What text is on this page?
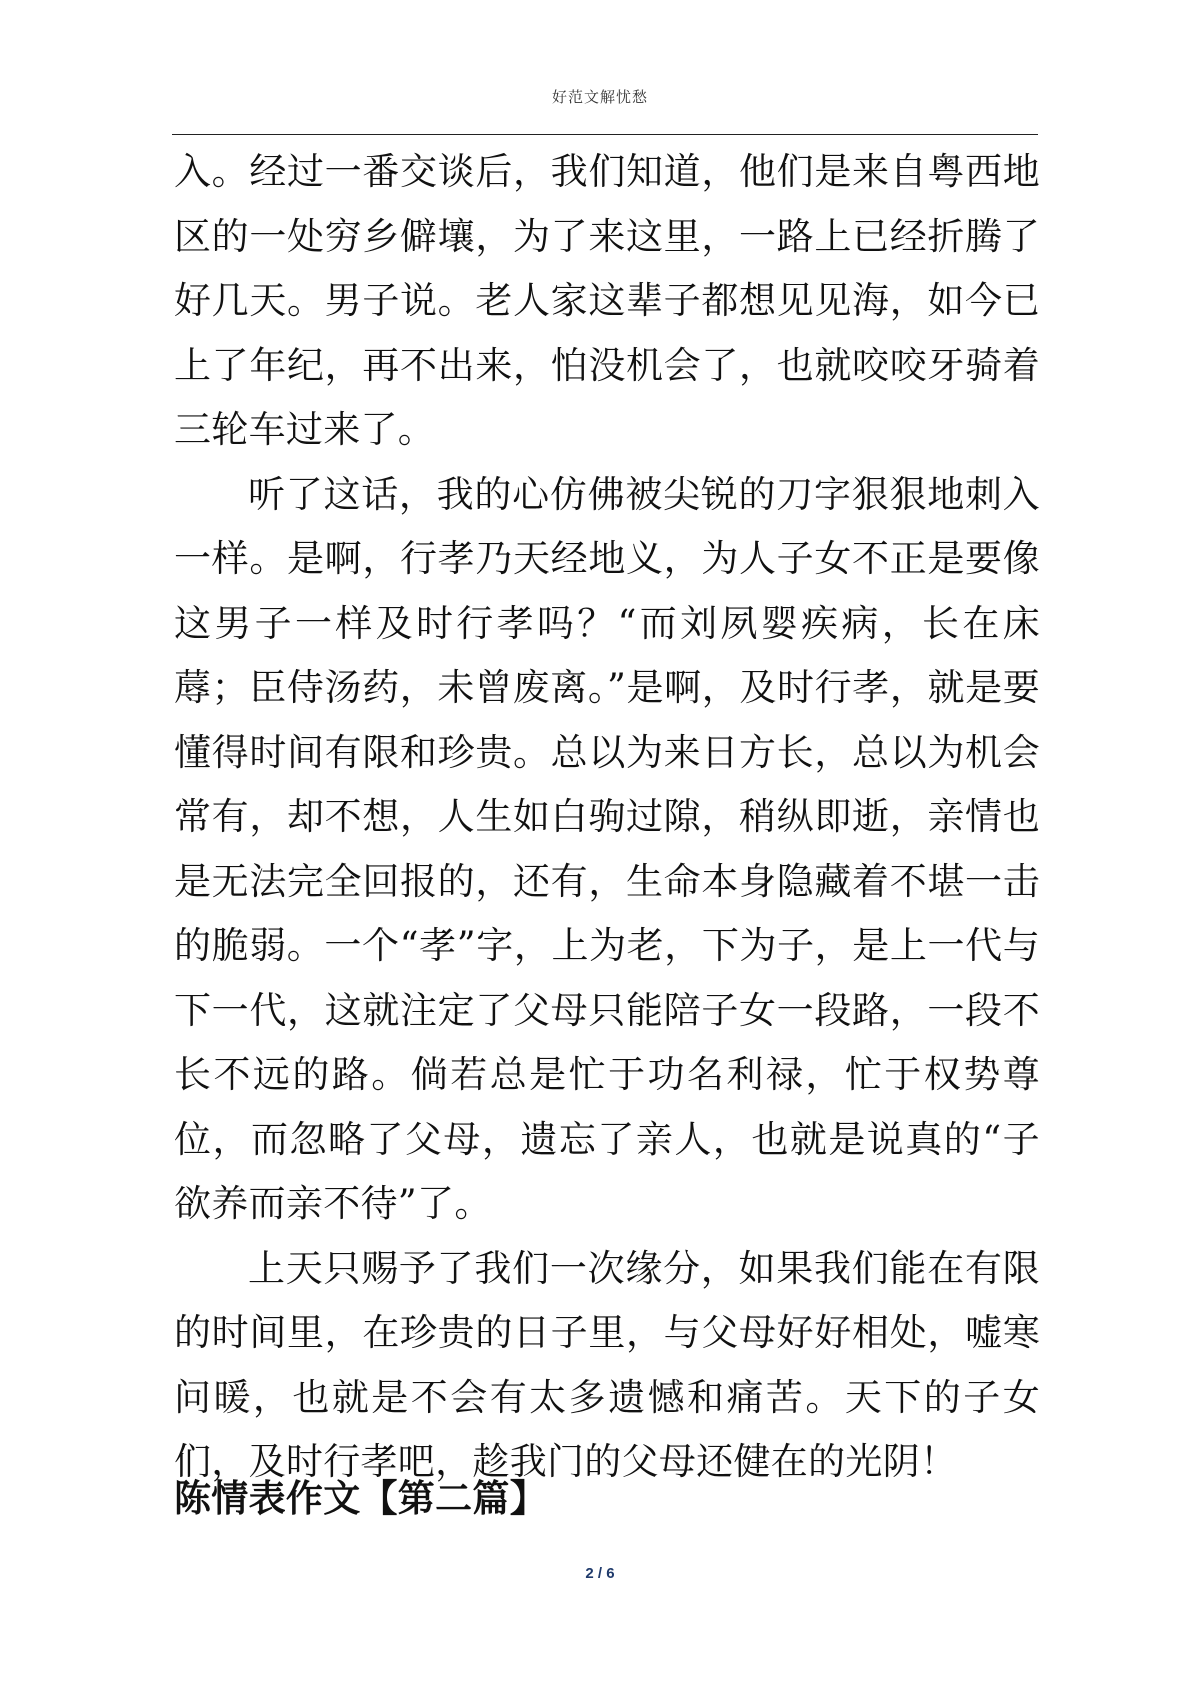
好范文解忧愁

入。经过一番交谈后，我们知道，他们是来自粤西地区的一处穷乡僻壤，为了来这里，一路上已经折腾了好几天。男子说。老人家这辈子都想见见海，如今已上了年纪，再不出来，怕没机会了，也就咬咬牙骑着三轮车过来了。

听了这话，我的心仿佛被尖锐的刀字狠狠地刺入一样。是啊，行孝乃天经地义，为人子女不正是要像这男子一样及时行孝吗？“而刘夙婴疾病，长在床蓐；臣侍汤药，未曾废离。”是啊，及时行孝，就是要懂得时间有限和珍贵。总以为来日方长，总以为机会常有，却不想，人生如白驹过隙，稍纵即逝，亲情也是无法完全回报的，还有，生命本身隐藏着不堪一击的脆弱。一个“孝”字，上为老，下为子，是上一代与下一代，这就注定了父母只能陪子女一段路，一段不长不远的路。倘若总是忙于功名利禄，忙于权势尊位，而忽略了父母，遗忘了亲人，也就是说真的“子欲养而亲不待”了。

上天只赐予了我们一次缘分，如果我们能在有限的时间里，在珍贵的日子里，与父母好好相处，嘘寒问暖，也就是不会有太多遗憾和痛苦。天下的子女们，及时行孝吧，趁我门的父母还健在的光阴！

陈情表作文【第二篇】
2 / 6
